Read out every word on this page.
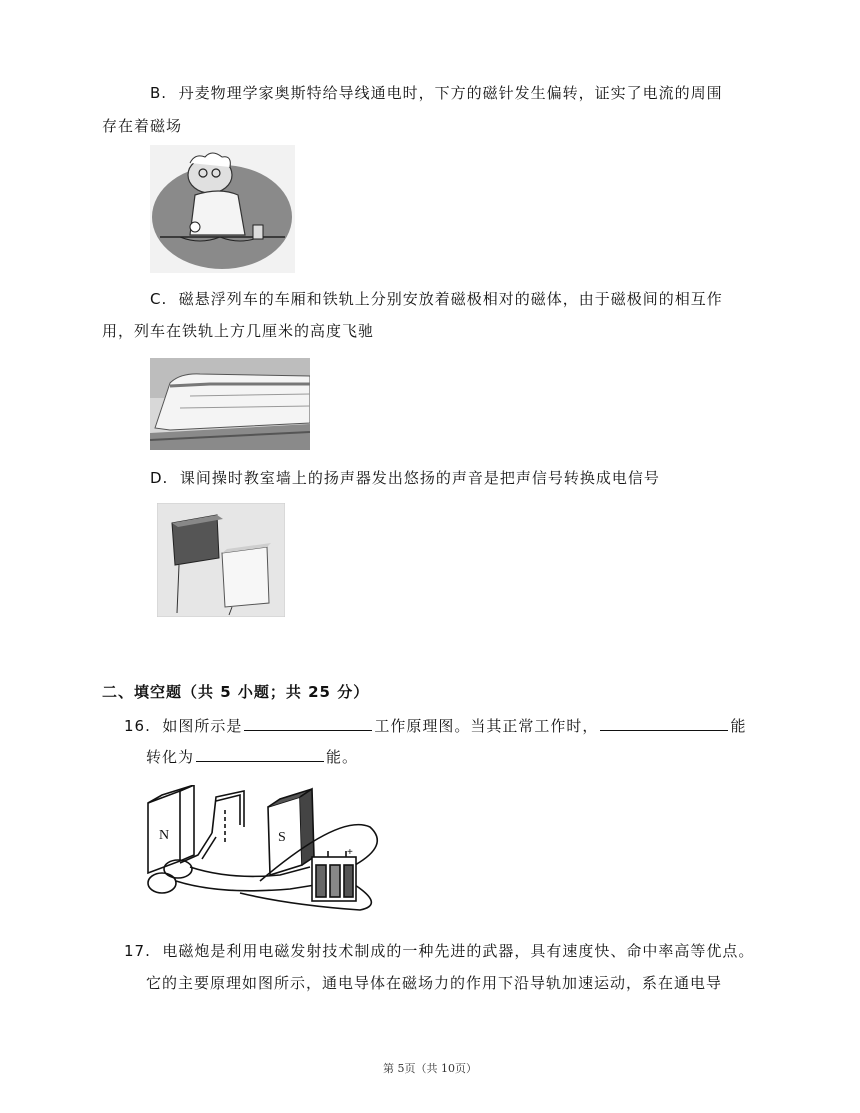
B. 丹麦物理学家奥斯特给导线通电时，下方的磁针发生偏转，证实了电流的周围
存在着磁场
C. 磁悬浮列车的车厢和铁轨上分别安放着磁极相对的磁体，由于磁极间的相互作
用，列车在铁轨上方几厘米的高度飞驰
D. 课间操时教室墙上的扬声器发出悠扬的声音是把声信号转换成电信号
二、填空题（共 5 小题；共 25 分）
16. 如图所示是	工作原理图。当其正常工作时，	能
转化为	能。
N	S
+
17. 电磁炮是利用电磁发射技术制成的一种先进的武器，具有速度快、命中率高等优点。
它的主要原理如图所示，通电导体在磁场力的作用下沿导轨加速运动，系在通电导
第 5页（共 10页）
